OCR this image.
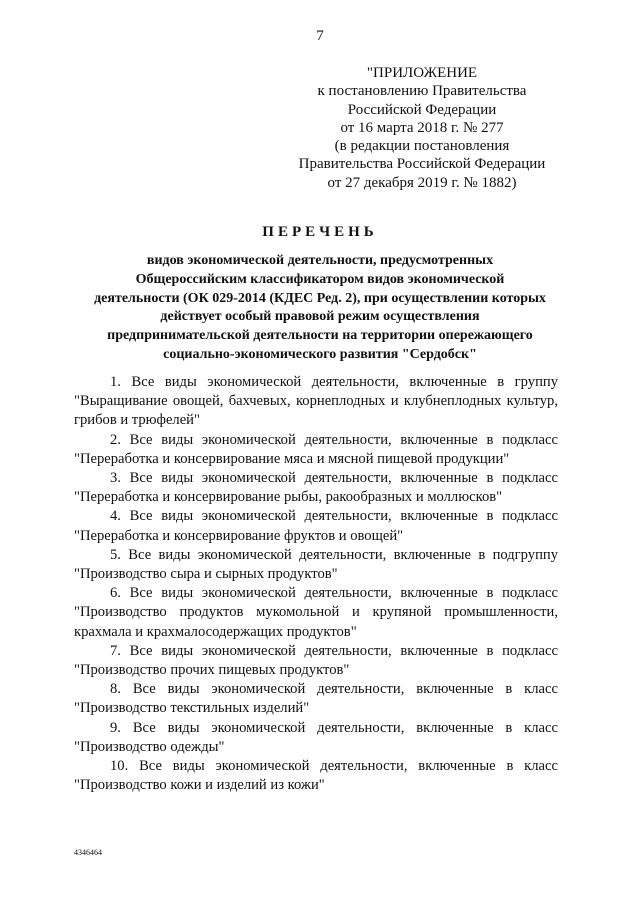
7
"ПРИЛОЖЕНИЕ
к постановлению Правительства
Российской Федерации
от 16 марта 2018 г. № 277
(в редакции постановления
Правительства Российской Федерации
от 27 декабря 2019 г. № 1882)
ПЕРЕЧЕНЬ
видов экономической деятельности, предусмотренных
Общероссийским классификатором видов экономической
деятельности (ОК 029-2014 (КДЕС Ред. 2), при осуществлении которых
действует особый правовой режим осуществления
предпринимательской деятельности на территории опережающего
социально-экономического развития "Сердобск"

1. Все виды экономической деятельности, включенные в группу "Выращивание овощей, бахчевых, корнеплодных и клубнеплодных культур, грибов и трюфелей"

2. Все виды экономической деятельности, включенные в подкласс "Переработка и консервирование мяса и мясной пищевой продукции"

3. Все виды экономической деятельности, включенные в подкласс "Переработка и консервирование рыбы, ракообразных и моллюсков"

4. Все виды экономической деятельности, включенные в подкласс "Переработка и консервирование фруктов и овощей"

5. Все виды экономической деятельности, включенные в подгруппу "Производство сыра и сырных продуктов"

6. Все виды экономической деятельности, включенные в подкласс "Производство продуктов мукомольной и крупяной промышленности, крахмала и крахмалосодержащих продуктов"

7. Все виды экономической деятельности, включенные в подкласс "Производство прочих пищевых продуктов"

8. Все виды экономической деятельности, включенные в класс "Производство текстильных изделий"

9. Все виды экономической деятельности, включенные в класс "Производство одежды"

10. Все виды экономической деятельности, включенные в класс "Производство кожи и изделий из кожи"

4346464
